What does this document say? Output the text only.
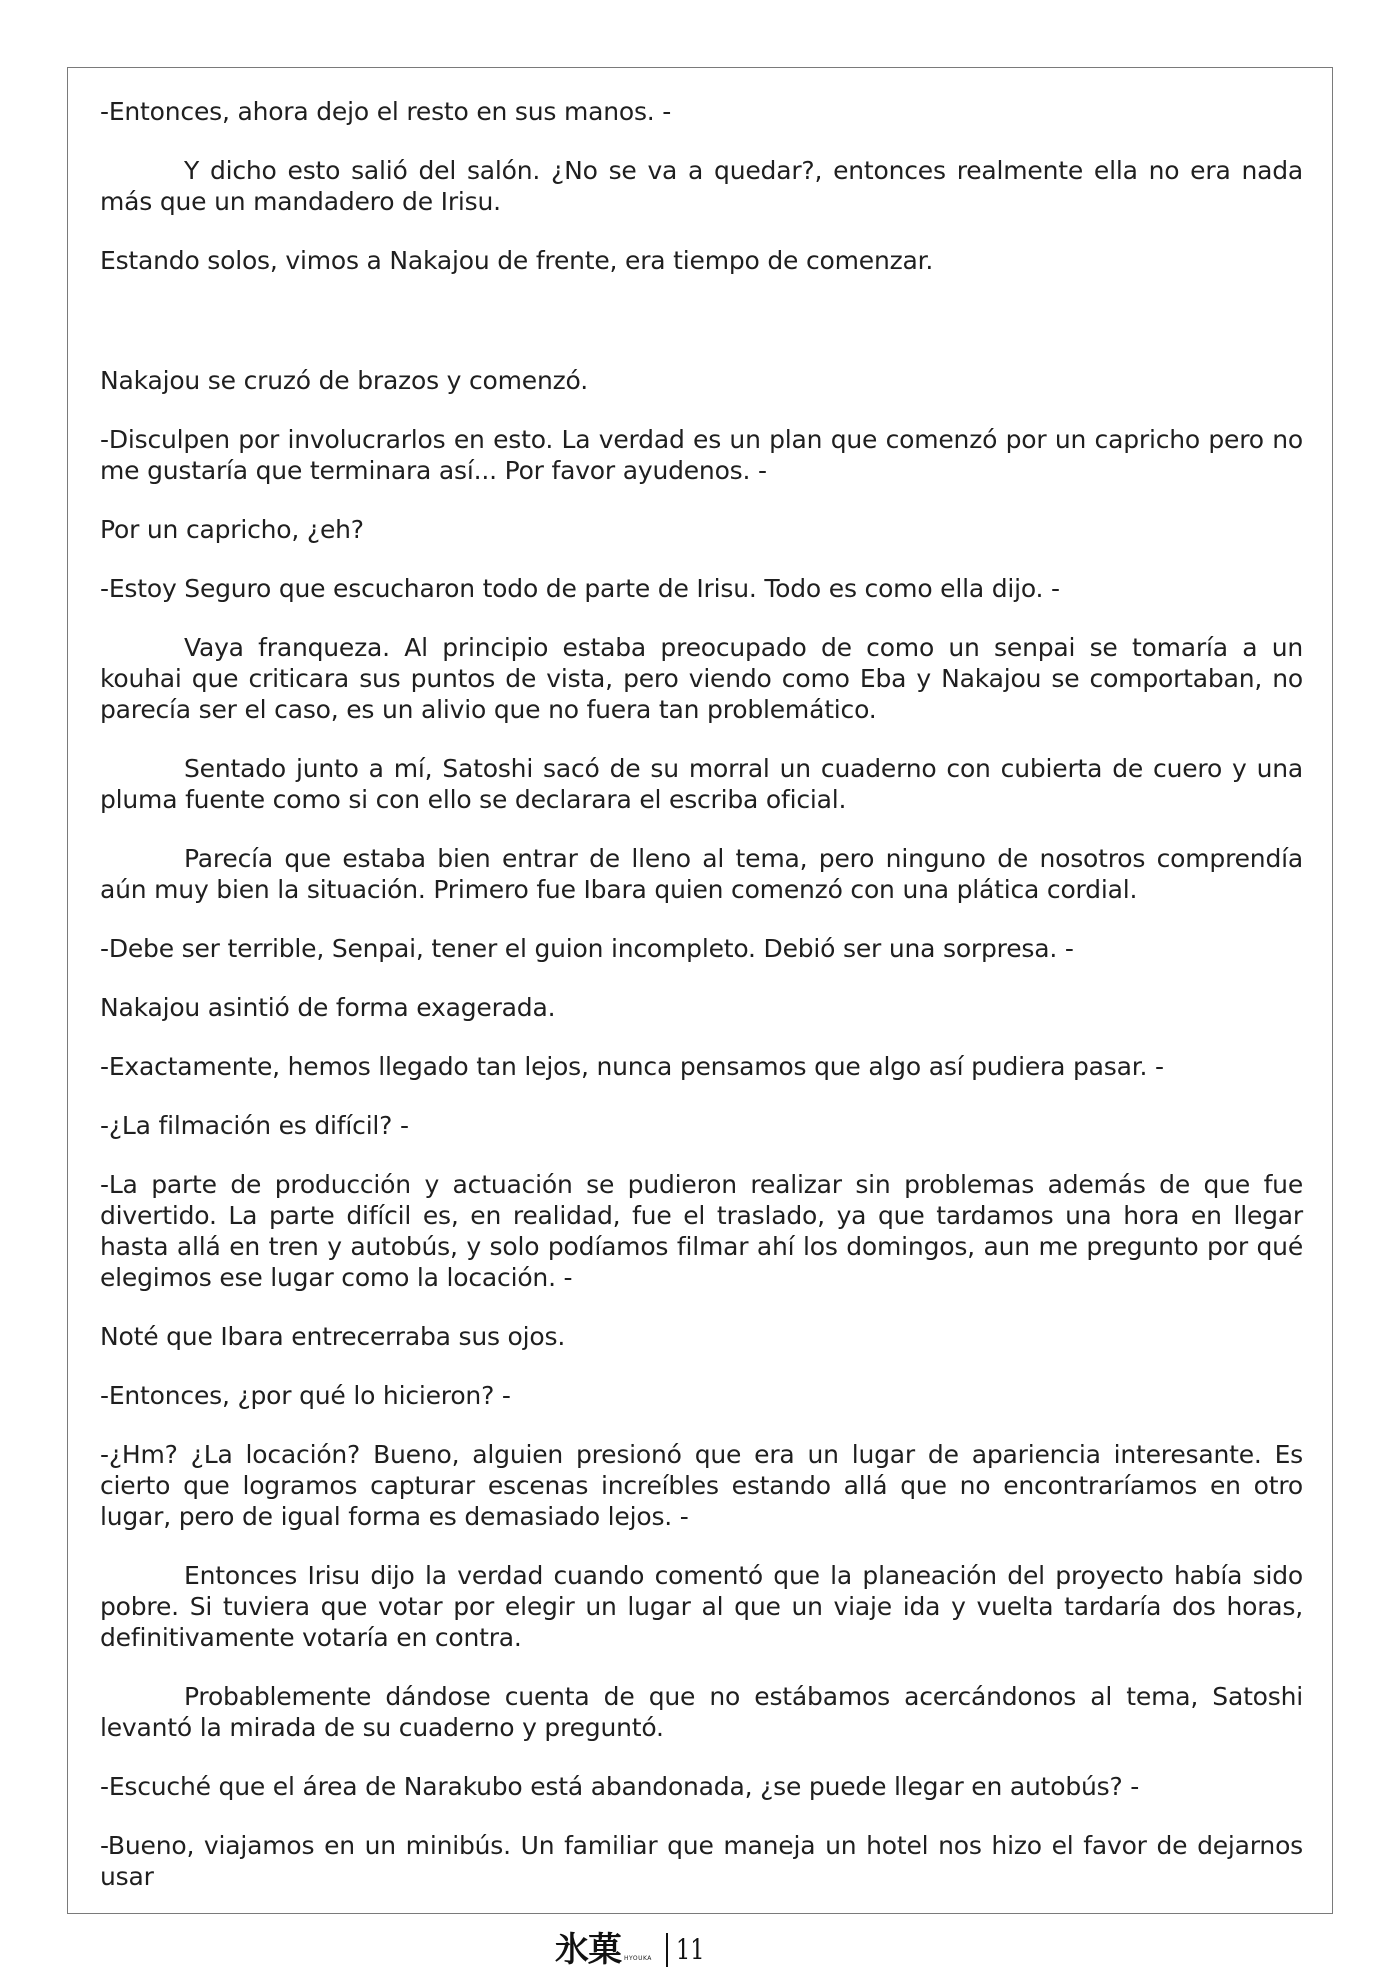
-Entonces, ahora dejo el resto en sus manos. -

Y dicho esto salió del salón. ¿No se va a quedar?, entonces realmente ella no era nada más que un mandadero de Irisu.

Estando solos, vimos a Nakajou de frente, era tiempo de comenzar.

Nakajou se cruzó de brazos y comenzó.

-Disculpen por involucrarlos en esto. La verdad es un plan que comenzó por un capricho pero no me gustaría que terminara así... Por favor ayudenos. -

Por un capricho, ¿eh?

-Estoy Seguro que escucharon todo de parte de Irisu. Todo es como ella dijo. -

Vaya franqueza. Al principio estaba preocupado de como un senpai se tomaría a un kouhai que criticara sus puntos de vista, pero viendo como Eba y Nakajou se comportaban, no parecía ser el caso, es un alivio que no fuera tan problemático.

Sentado junto a mí, Satoshi sacó de su morral un cuaderno con cubierta de cuero y una pluma fuente como si con ello se declarara el escriba oficial.

Parecía que estaba bien entrar de lleno al tema, pero ninguno de nosotros comprendía aún muy bien la situación. Primero fue Ibara quien comenzó con una plática cordial.

-Debe ser terrible, Senpai, tener el guion incompleto. Debió ser una sorpresa. -

Nakajou asintió de forma exagerada.

-Exactamente, hemos llegado tan lejos, nunca pensamos que algo así pudiera pasar. -

-¿La filmación es difícil? -

-La parte de producción y actuación se pudieron realizar sin problemas además de que fue divertido. La parte difícil es, en realidad, fue el traslado, ya que tardamos una hora en llegar hasta allá en tren y autobús, y solo podíamos filmar ahí los domingos, aun me pregunto por qué elegimos ese lugar como la locación. -

Noté que Ibara entrecerraba sus ojos.

-Entonces, ¿por qué lo hicieron? -

-¿Hm? ¿La locación? Bueno, alguien presionó que era un lugar de apariencia interesante. Es cierto que logramos capturar escenas increíbles estando allá que no encontraríamos en otro lugar, pero de igual forma es demasiado lejos. -

Entonces Irisu dijo la verdad cuando comentó que la planeación del proyecto había sido pobre. Si tuviera que votar por elegir un lugar al que un viaje ida y vuelta tardaría dos horas, definitivamente votaría en contra.

Probablemente dándose cuenta de que no estábamos acercándonos al tema, Satoshi levantó la mirada de su cuaderno y preguntó.

-Escuché que el área de Narakubo está abandonada, ¿se puede llegar en autobús? -

-Bueno, viajamos en un minibús. Un familiar que maneja un hotel nos hizo el favor de dejarnos usar

氷菓 HYOUKA 11
